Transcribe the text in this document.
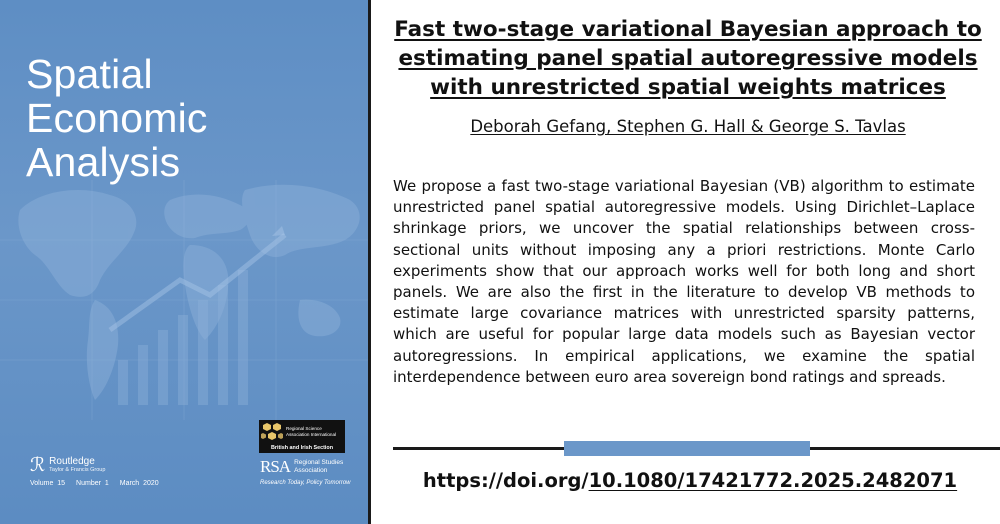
Spatial
Economic
Analysis
Regional Science
Association International
British and Irish Section
ℛ Routledge
Taylor & Francis Group	RSA Regional Studies
Association
Research Today, Policy Tomorrow
Volume 15 Number 1 March 2020
Fast two-stage variational Bayesian approach to estimating panel spatial autoregressive models with unrestricted spatial weights matrices
Deborah Gefang, Stephen G. Hall & George S. Tavlas
We propose a fast two-stage variational Bayesian (VB) algorithm to estimate unrestricted panel spatial autoregressive models. Using Dirichlet–Laplace shrinkage priors, we uncover the spatial relationships between cross-sectional units without imposing any a priori restrictions. Monte Carlo experiments show that our approach works well for both long and short panels. We are also the first in the literature to develop VB methods to estimate large covariance matrices with unrestricted sparsity patterns, which are useful for popular large data models such as Bayesian vector autoregressions. In empirical applications, we examine the spatial interdependence between euro area sovereign bond ratings and spreads.
https://doi.org/10.1080/17421772.2025.2482071
